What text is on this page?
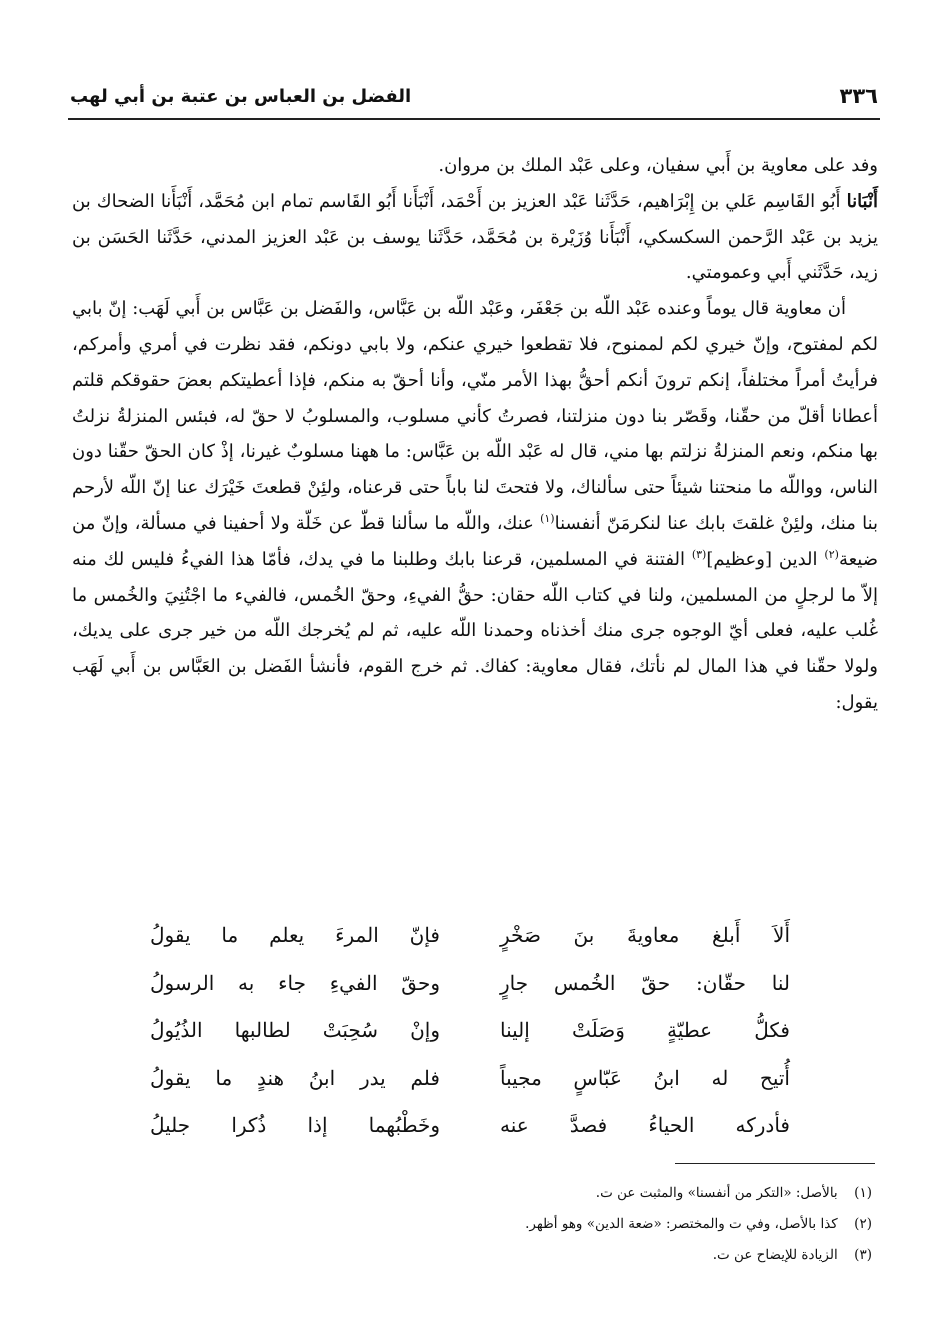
٣٣٦
الفضل بن العباس بن عتبة بن أبي لهب

وفد على معاوية بن أَبي سفيان، وعلى عَبْد الملك بن مروان.

أَنْبَانا أَبُو القَاسِم عَلي بن إِبْرَاهيم، حَدَّثَنا عَبْد العزيز بن أَحْمَد، أَنْبَأَنا أَبُو القَاسم تمام ابن مُحَمَّد، أَنْبَأَنا الضحاك بن يزيد بن عَبْد الرَّحمن السكسكي، أَنْبَأَنا وُزَيْرة بن مُحَمَّد، حَدَّثَنا يوسف بن عَبْد العزيز المدني، حَدَّثَنا الحَسَن بن زيد، حَدَّثَني أَبي وعمومتي.

أن معاوية قال يوماً وعنده عَبْد اللّه بن جَعْفَر، وعَبْد اللّه بن عَبَّاس، والفَضل بن عَبَّاس بن أَبي لَهَب: إنّ بابي لكم لمفتوح، وإنّ خيري لكم لممنوح، فلا تقطعوا خيري عنكم، ولا بابي دونكم، فقد نظرت في أمري وأمركم، فرأيتُ أمراً مختلفاً، إنكم ترونَ أنكم أحقُّ بهذا الأمر منّي، وأنا أحقّ به منكم، فإذا أعطيتكم بعضَ حقوقكم قلتم أعطانا أقلّ من حقّنا، وقَصّر بنا دون منزلتنا، فصرتُ كأني مسلوب، والمسلوبُ لا حقّ له، فبئس المنزلةُ نزلتُ بها منكم، ونعم المنزلةُ نزلتم بها مني، قال له عَبْد اللّه بن عَبَّاس: ما ههنا مسلوبٌ غيرنا، إذْ كان الحقّ حقّنا دون الناس، وواللّه ما منحتنا شيئاً حتى سألناك، ولا فتحتَ لنا باباً حتى قرعناه، ولئِنْ قطعتَ خَيْرَك عنا إنّ اللّه لأرحم بنا منك، ولئِنْ غلقتَ بابك عنا لنكرمَنّ أنفسنا$^{(١)}$ عنك، واللّه ما سألنا قطّ عن خَلّة ولا أحفينا في مسألة، وإنّ من ضيعة$^{(٢)}$ الدين [وعظيم]$^{(٣)}$ الفتنة في المسلمين، قرعنا بابك وطلبنا ما في يدك، فأمّا هذا الفيءُ فليس لك منه إلاّ ما لرجلٍ من المسلمين، ولنا في كتاب اللّه حقان: حقُّ الفيءِ، وحقّ الخُمس، فالفيء ما اجْتُنِيَ والخُمس ما غُلب عليه، فعلى أيّ الوجوه جرى منك أخذناه وحمدنا اللّه عليه، ثم لم يُخرجك اللّه من خير جرى على يديك، ولولا حقّنا في هذا المال لم نأتك، فقال معاوية: كفاك. ثم خرج القوم، فأنشأ الفَضل بن العَبَّاس بن أَبي لَهَب يقول:

أَلاَ أَبلغ معاويةَ بنَ صَخْرٍ
فإنّ المرءَ يعلم ما يقولُ
لنا حقّان: حقّ الخُمس جارٍ
وحقّ الفيءِ جاء به الرسولُ
فكلُّ عطيّةٍ وَصَلَتْ إلينا
وإنْ سُحِبَتْ لطالبها الذُيُولُ
أُتيح له ابنُ عَبّاسٍ مجيباً
فلم يدر ابنُ هندٍ ما يقولُ
فأدركه الحياءُ فصدَّ عنه
وخَطْبُهما إذا ذُكرا جليلُ
(١) بالأصل: «التكر من أنفسنا» والمثبت عن ت.
(٢) كذا بالأصل، وفي ت والمختصر: «ضعة الدين» وهو أظهر.
(٣) الزيادة للإيضاح عن ت.
